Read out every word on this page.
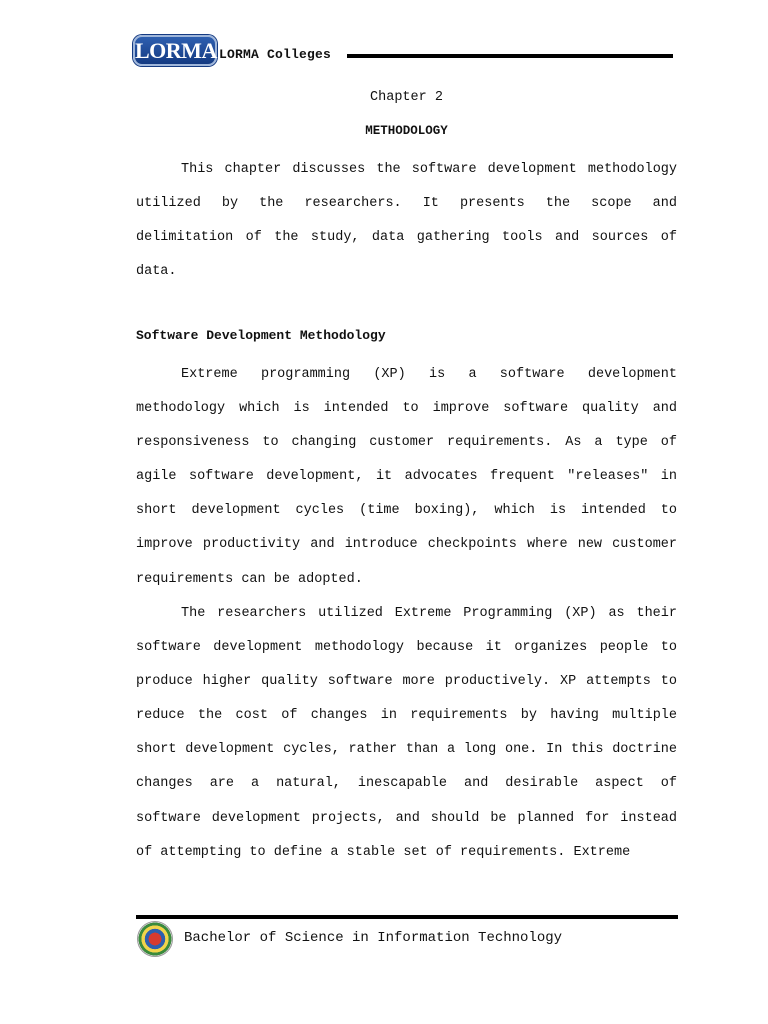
LORMA LORMA Colleges
Chapter 2
METHODOLOGY

This chapter discusses the software development methodology utilized by the researchers. It presents the scope and delimitation of the study, data gathering tools and sources of data.

Software Development Methodology

Extreme programming (XP) is a software development methodology which is intended to improve software quality and responsiveness to changing customer requirements. As a type of agile software development, it advocates frequent "releases" in short development cycles (time boxing), which is intended to improve productivity and introduce checkpoints where new customer requirements can be adopted.

The researchers utilized Extreme Programming (XP) as their software development methodology because it organizes people to produce higher quality software more productively. XP attempts to reduce the cost of changes in requirements by having multiple short development cycles, rather than a long one. In this doctrine changes are a natural, inescapable and desirable aspect of software development projects, and should be planned for instead of attempting to define a stable set of requirements. Extreme

Bachelor of Science in Information Technology
